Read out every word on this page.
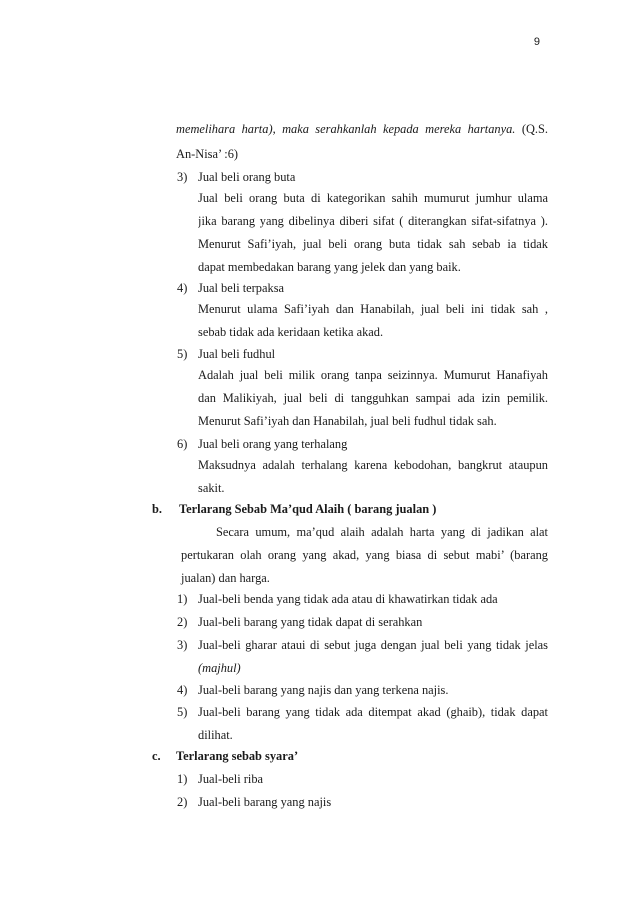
9
memelihara harta), maka serahkanlah kepada mereka hartanya. (Q.S.
An-Nisa’ :6)
3) Jual beli orang buta
Jual beli orang buta di kategorikan sahih mumurut jumhur ulama
jika barang yang dibelinya diberi sifat ( diterangkan sifat-sifatnya ).
Menurut Safi’iyah, jual beli orang buta tidak sah sebab ia tidak
dapat membedakan barang yang jelek dan yang baik.
4) Jual beli terpaksa
Menurut ulama Safi’iyah dan Hanabilah, jual beli ini tidak sah ,
sebab tidak ada keridaan ketika akad.
5) Jual beli fudhul
Adalah jual beli milik orang tanpa seizinnya. Mumurut Hanafiyah
dan Malikiyah, jual beli di tangguhkan sampai ada izin pemilik.
Menurut Safi’iyah dan Hanabilah, jual beli fudhul tidak sah.
6) Jual beli orang yang terhalang
Maksudnya adalah terhalang karena kebodohan, bangkrut ataupun
sakit.
b. Terlarang Sebab Ma’qud Alaih ( barang jualan )
Secara umum, ma’qud alaih adalah harta yang di jadikan alat
pertukaran olah orang yang akad, yang biasa di sebut mabi’ (barang
jualan) dan harga.
1) Jual-beli benda yang tidak ada atau di khawatirkan tidak ada
2) Jual-beli barang yang tidak dapat di serahkan
3) Jual-beli gharar ataui di sebut juga dengan jual beli yang tidak jelas
(majhul)
4) Jual-beli barang yang najis dan yang terkena najis.
5) Jual-beli barang yang tidak ada ditempat akad (ghaib), tidak dapat
dilihat.
c. Terlarang sebab syara’
1) Jual-beli riba
2) Jual-beli barang yang najis
